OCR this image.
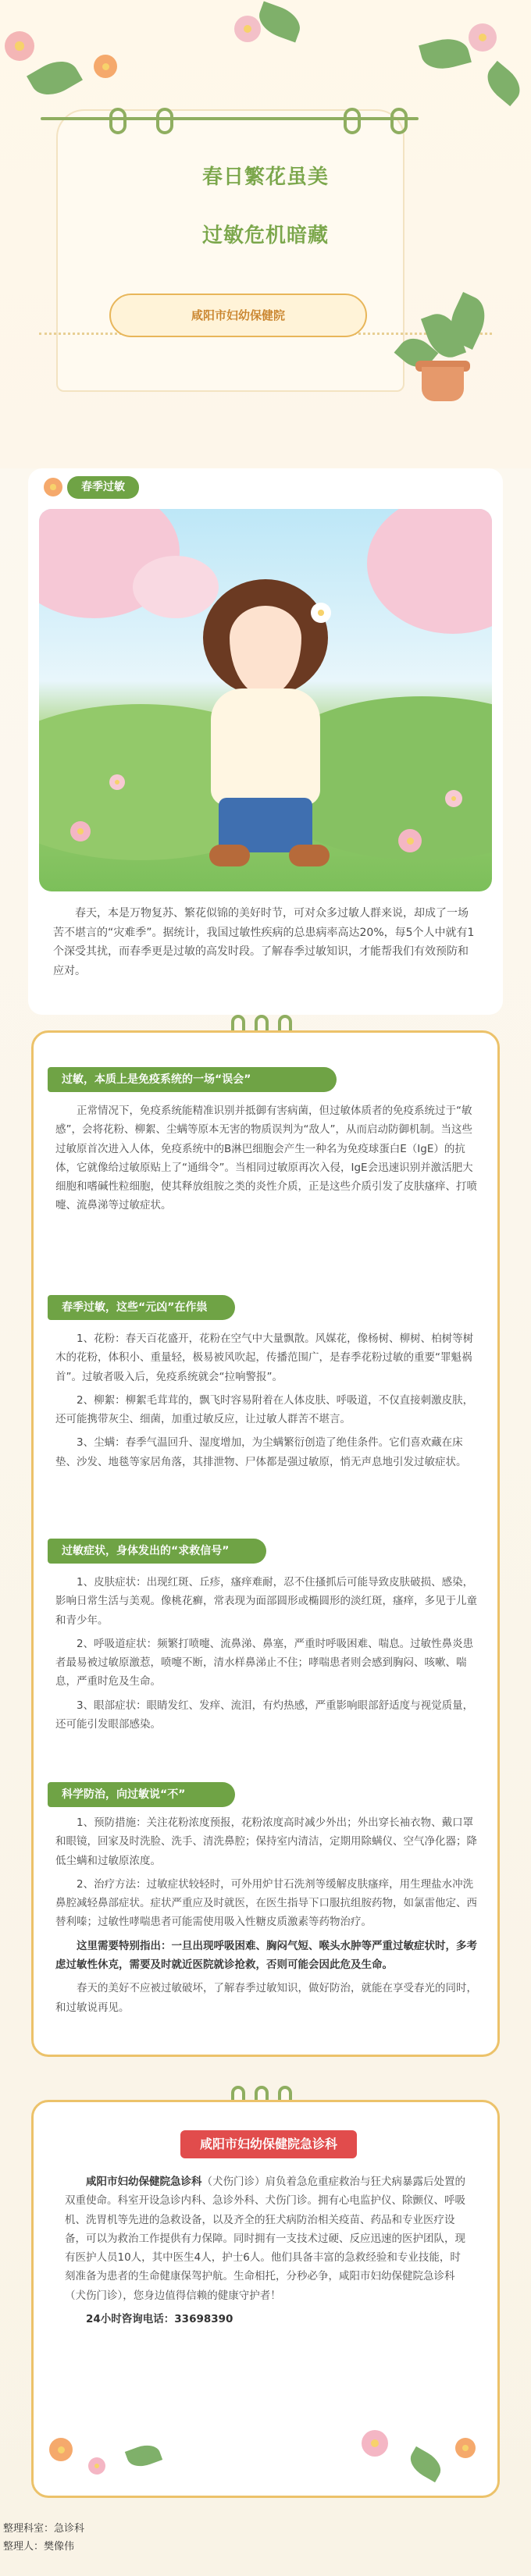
春日繁花虽美
过敏危机暗藏
咸阳市妇幼保健院
春季过敏

春天，本是万物复苏、繁花似锦的美好时节，可对众多过敏人群来说，却成了一场苦不堪言的“灾难季”。据统计，我国过敏性疾病的总患病率高达20%，每5个人中就有1个深受其扰，而春季更是过敏的高发时段。了解春季过敏知识，才能帮我们有效预防和应对。

过敏，本质上是免疫系统的一场“误会”

正常情况下，免疫系统能精准识别并抵御有害病菌，但过敏体质者的免疫系统过于“敏感”，会将花粉、柳絮、尘螨等原本无害的物质误判为“敌人”，从而启动防御机制。当这些过敏原首次进入人体，免疫系统中的B淋巴细胞会产生一种名为免疫球蛋白E（IgE）的抗体，它就像给过敏原贴上了“通缉令”。当相同过敏原再次入侵，IgE会迅速识别并激活肥大细胞和嗜碱性粒细胞，使其释放组胺之类的炎性介质，正是这些介质引发了皮肤瘙痒、打喷嚏、流鼻涕等过敏症状。

春季过敏，这些“元凶”在作祟

1、花粉：春天百花盛开，花粉在空气中大量飘散。风媒花，像杨树、柳树、柏树等树木的花粉，体积小、重量轻，极易被风吹起，传播范围广，是春季花粉过敏的重要“罪魁祸首”。过敏者吸入后，免疫系统就会“拉响警报”。

2、柳絮：柳絮毛茸茸的，飘飞时容易附着在人体皮肤、呼吸道，不仅直接刺激皮肤，还可能携带灰尘、细菌，加重过敏反应，让过敏人群苦不堪言。

3、尘螨：春季气温回升、湿度增加，为尘螨繁衍创造了绝佳条件。它们喜欢藏在床垫、沙发、地毯等家居角落，其排泄物、尸体都是强过敏原，悄无声息地引发过敏症状。

过敏症状，身体发出的“求救信号”

1、皮肤症状：出现红斑、丘疹，瘙痒难耐，忍不住搔抓后可能导致皮肤破损、感染，影响日常生活与美观。像桃花癣，常表现为面部圆形或椭圆形的淡红斑，瘙痒，多见于儿童和青少年。

2、呼吸道症状：频繁打喷嚏、流鼻涕、鼻塞，严重时呼吸困难、喘息。过敏性鼻炎患者最易被过敏原激惹，喷嚏不断，清水样鼻涕止不住；哮喘患者则会感到胸闷、咳嗽、喘息，严重时危及生命。

3、眼部症状：眼睛发红、发痒、流泪，有灼热感，严重影响眼部舒适度与视觉质量，还可能引发眼部感染。

科学防治，向过敏说“不”

1、预防措施：关注花粉浓度预报，花粉浓度高时减少外出；外出穿长袖衣物、戴口罩和眼镜，回家及时洗脸、洗手、清洗鼻腔；保持室内清洁，定期用除螨仪、空气净化器；降低尘螨和过敏原浓度。

2、治疗方法：过敏症状较轻时，可外用炉甘石洗剂等缓解皮肤瘙痒，用生理盐水冲洗鼻腔减轻鼻部症状。症状严重应及时就医，在医生指导下口服抗组胺药物，如氯雷他定、西替利嗪；过敏性哮喘患者可能需使用吸入性糖皮质激素等药物治疗。

这里需要特别指出：一旦出现呼吸困难、胸闷气短、喉头水肿等严重过敏症状时，多考虑过敏性休克，需要及时就近医院就诊抢救，否则可能会因此危及生命。

春天的美好不应被过敏破坏，了解春季过敏知识，做好防治，就能在享受春光的同时，和过敏说再见。

咸阳市妇幼保健院急诊科

咸阳市妇幼保健院急诊科（犬伤门诊）肩负着急危重症救治与狂犬病暴露后处置的双重使命。科室开设急诊内科、急诊外科、犬伤门诊。拥有心电监护仪、除颤仪、呼吸机、洗胃机等先进的急救设备，以及齐全的狂犬病防治相关疫苗、药品和专业医疗设备，可以为救治工作提供有力保障。同时拥有一支技术过硬、反应迅速的医护团队，现有医护人员10人，其中医生4人，护士6人。他们具备丰富的急救经验和专业技能，时刻准备为患者的生命健康保驾护航。生命相托，分秒必争，咸阳市妇幼保健院急诊科（犬伤门诊），您身边值得信赖的健康守护者！

24小时咨询电话：33698390

整理科室：急诊科
整理人：樊像伟
